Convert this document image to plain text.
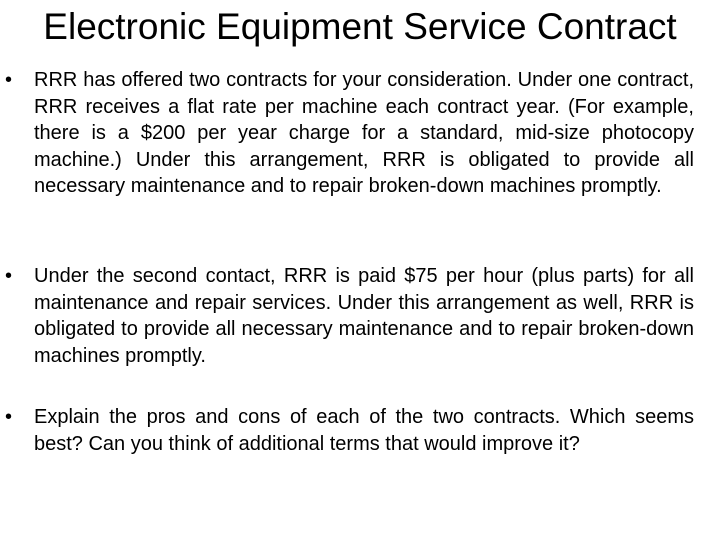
Electronic Equipment Service Contract
• RRR has offered two contracts for your consideration. Under one contract, RRR receives a flat rate per machine each contract year. (For example, there is a $200 per year charge for a standard, mid-size photocopy machine.) Under this arrangement, RRR is obligated to provide all necessary maintenance and to repair broken-down machines promptly.
• Under the second contact, RRR is paid $75 per hour (plus parts) for all maintenance and repair services. Under this arrangement as well, RRR is obligated to provide all necessary maintenance and to repair broken-down machines promptly.
• Explain the pros and cons of each of the two contracts. Which seems best? Can you think of additional terms that would improve it?
